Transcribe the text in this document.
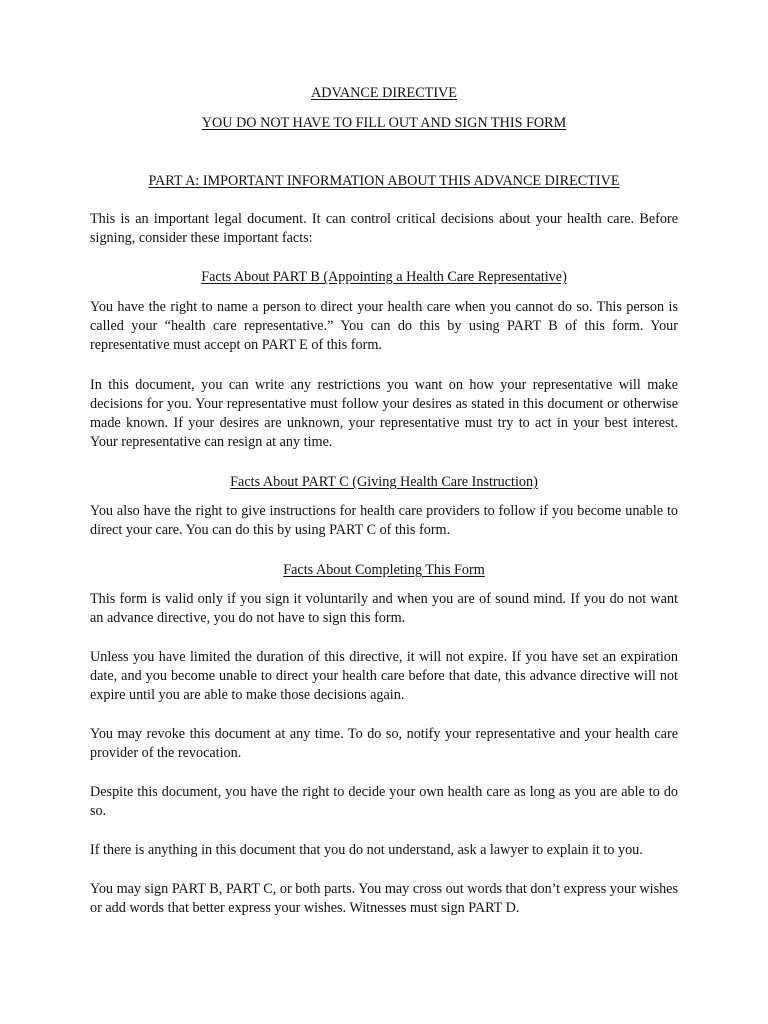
ADVANCE DIRECTIVE
YOU DO NOT HAVE TO FILL OUT AND SIGN THIS FORM
PART A: IMPORTANT INFORMATION ABOUT THIS ADVANCE DIRECTIVE

This is an important legal document. It can control critical decisions about your health care. Before signing, consider these important facts:

Facts About PART B (Appointing a Health Care Representative)

You have the right to name a person to direct your health care when you cannot do so. This person is called your “health care representative.” You can do this by using PART B of this form. Your representative must accept on PART E of this form.

In this document, you can write any restrictions you want on how your representative will make decisions for you. Your representative must follow your desires as stated in this document or otherwise made known. If your desires are unknown, your representative must try to act in your best interest. Your representative can resign at any time.

Facts About PART C (Giving Health Care Instruction)

You also have the right to give instructions for health care providers to follow if you become unable to direct your care. You can do this by using PART C of this form.

Facts About Completing This Form

This form is valid only if you sign it voluntarily and when you are of sound mind. If you do not want an advance directive, you do not have to sign this form.

Unless you have limited the duration of this directive, it will not expire. If you have set an expiration date, and you become unable to direct your health care before that date, this advance directive will not expire until you are able to make those decisions again.

You may revoke this document at any time. To do so, notify your representative and your health care provider of the revocation.

Despite this document, you have the right to decide your own health care as long as you are able to do so.

If there is anything in this document that you do not understand, ask a lawyer to explain it to you.

You may sign PART B, PART C, or both parts. You may cross out words that don’t express your wishes or add words that better express your wishes. Witnesses must sign PART D.
